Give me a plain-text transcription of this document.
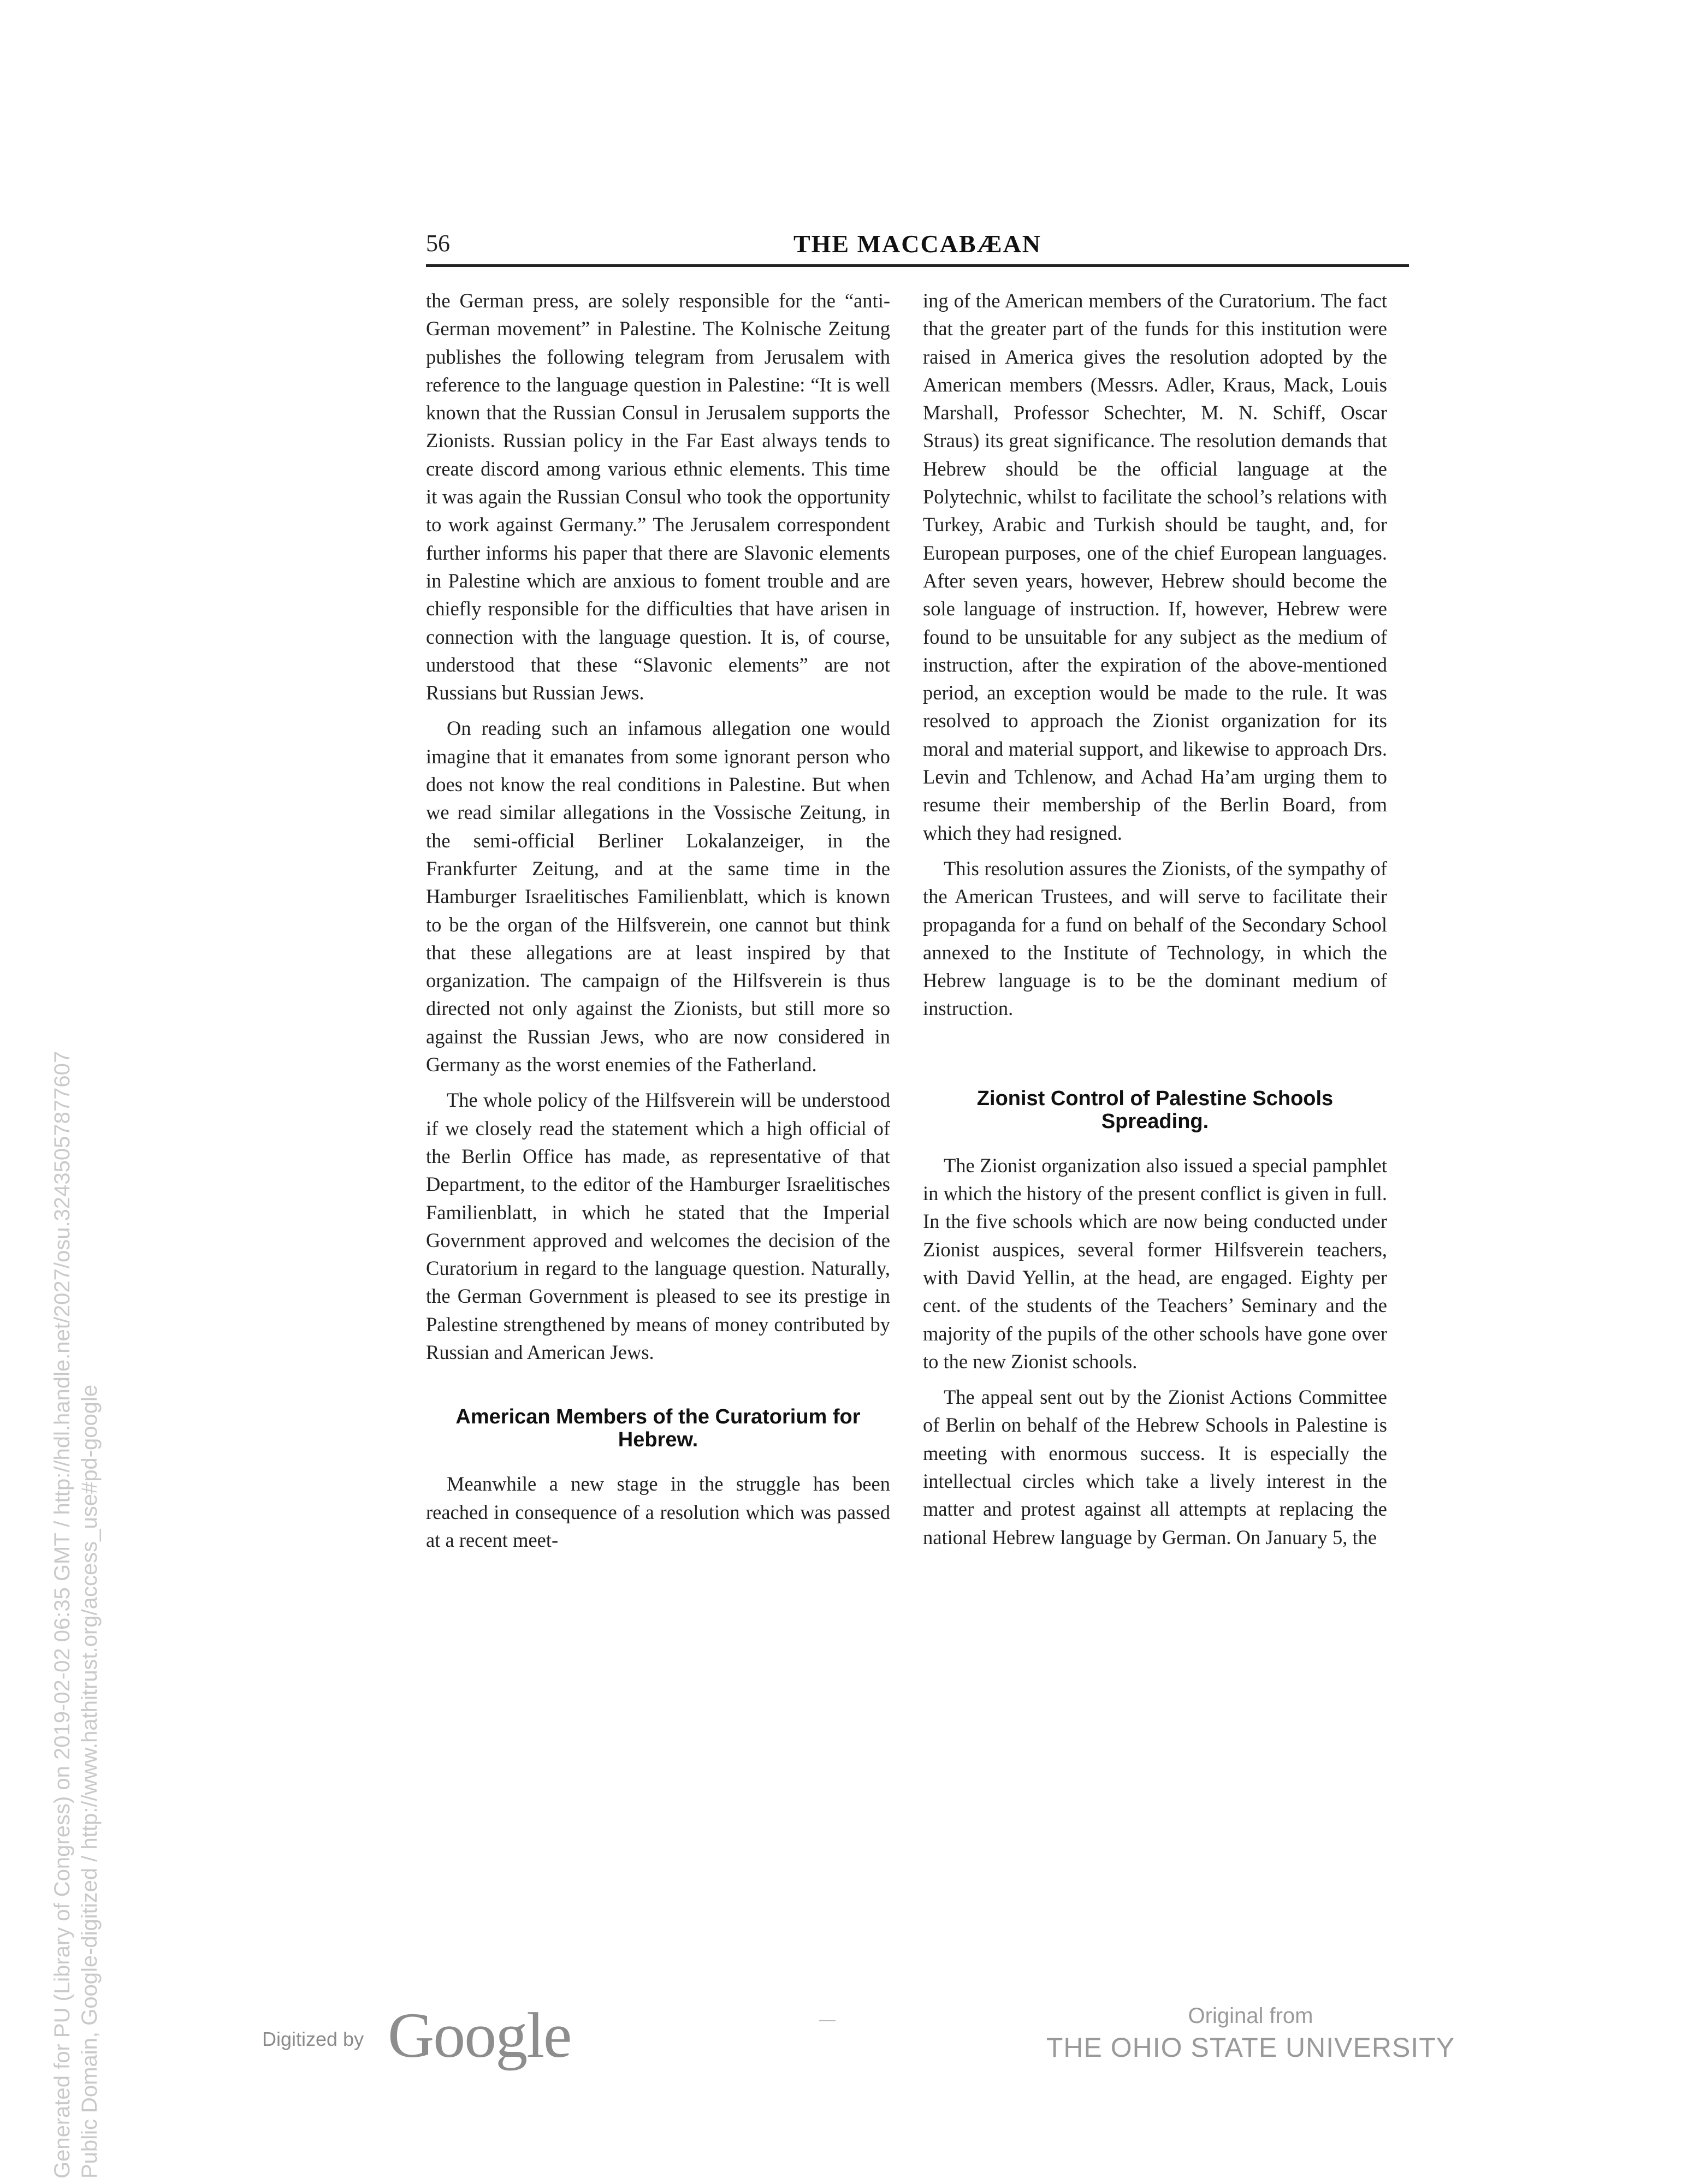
Generated for PU (Library of Congress) on 2019-02-02 06:35 GMT / http://hdl.handle.net/2027/osu.32435057877607 Public Domain, Google-digitized / http://www.hathitrust.org/access_use#pd-google
56	THE MACCABÆAN

the German press, are solely responsible for the “anti-German movement” in Palestine. The Kolnische Zeitung publishes the following telegram from Jerusalem with reference to the language question in Palestine: “It is well known that the Russian Consul in Jerusalem supports the Zionists. Russian policy in the Far East always tends to create discord among various ethnic elements. This time it was again the Russian Consul who took the opportunity to work against Germany.” The Jerusalem correspondent further informs his paper that there are Slavonic elements in Palestine which are anxious to foment trouble and are chiefly responsible for the difficulties that have arisen in connection with the language question. It is, of course, understood that these “Slavonic elements” are not Russians but Russian Jews.

On reading such an infamous allegation one would imagine that it emanates from some ignorant person who does not know the real conditions in Palestine. But when we read similar allegations in the Vossische Zeitung, in the semi-official Berliner Lokalanzeiger, in the Frankfurter Zeitung, and at the same time in the Hamburger Israelitisches Familienblatt, which is known to be the organ of the Hilfsverein, one cannot but think that these allegations are at least inspired by that organization. The campaign of the Hilfsverein is thus directed not only against the Zionists, but still more so against the Russian Jews, who are now considered in Germany as the worst enemies of the Fatherland.

The whole policy of the Hilfsverein will be understood if we closely read the statement which a high official of the Berlin Office has made, as representative of that Department, to the editor of the Hamburger Israelitisches Familienblatt, in which he stated that the Imperial Government approved and welcomes the decision of the Curatorium in regard to the language question. Naturally, the German Government is pleased to see its prestige in Palestine strengthened by means of money contributed by Russian and American Jews.

American Members of the Curatorium for Hebrew.

Meanwhile a new stage in the struggle has been reached in consequence of a resolution which was passed at a recent meet-

ing of the American members of the Curatorium. The fact that the greater part of the funds for this institution were raised in America gives the resolution adopted by the American members (Messrs. Adler, Kraus, Mack, Louis Marshall, Professor Schechter, M. N. Schiff, Oscar Straus) its great significance. The resolution demands that Hebrew should be the official language at the Polytechnic, whilst to facilitate the school’s relations with Turkey, Arabic and Turkish should be taught, and, for European purposes, one of the chief European languages. After seven years, however, Hebrew should become the sole language of instruction. If, however, Hebrew were found to be unsuitable for any subject as the medium of instruction, after the expiration of the above-mentioned period, an exception would be made to the rule. It was resolved to approach the Zionist organization for its moral and material support, and likewise to approach Drs. Levin and Tchlenow, and Achad Ha’am urging them to resume their membership of the Berlin Board, from which they had resigned.

This resolution assures the Zionists, of the sympathy of the American Trustees, and will serve to facilitate their propaganda for a fund on behalf of the Secondary School annexed to the Institute of Technology, in which the Hebrew language is to be the dominant medium of instruction.

Zionist Control of Palestine Schools Spreading.

The Zionist organization also issued a special pamphlet in which the history of the present conflict is given in full. In the five schools which are now being conducted under Zionist auspices, several former Hilfsverein teachers, with David Yellin, at the head, are engaged. Eighty per cent. of the students of the Teachers’ Seminary and the majority of the pupils of the other schools have gone over to the new Zionist schools.

The appeal sent out by the Zionist Actions Committee of Berlin on behalf of the Hebrew Schools in Palestine is meeting with enormous success. It is especially the intellectual circles which take a lively interest in the matter and protest against all attempts at replacing the national Hebrew language by German. On January 5, the

Digitized by Google	Original from
THE OHIO STATE UNIVERSITY
